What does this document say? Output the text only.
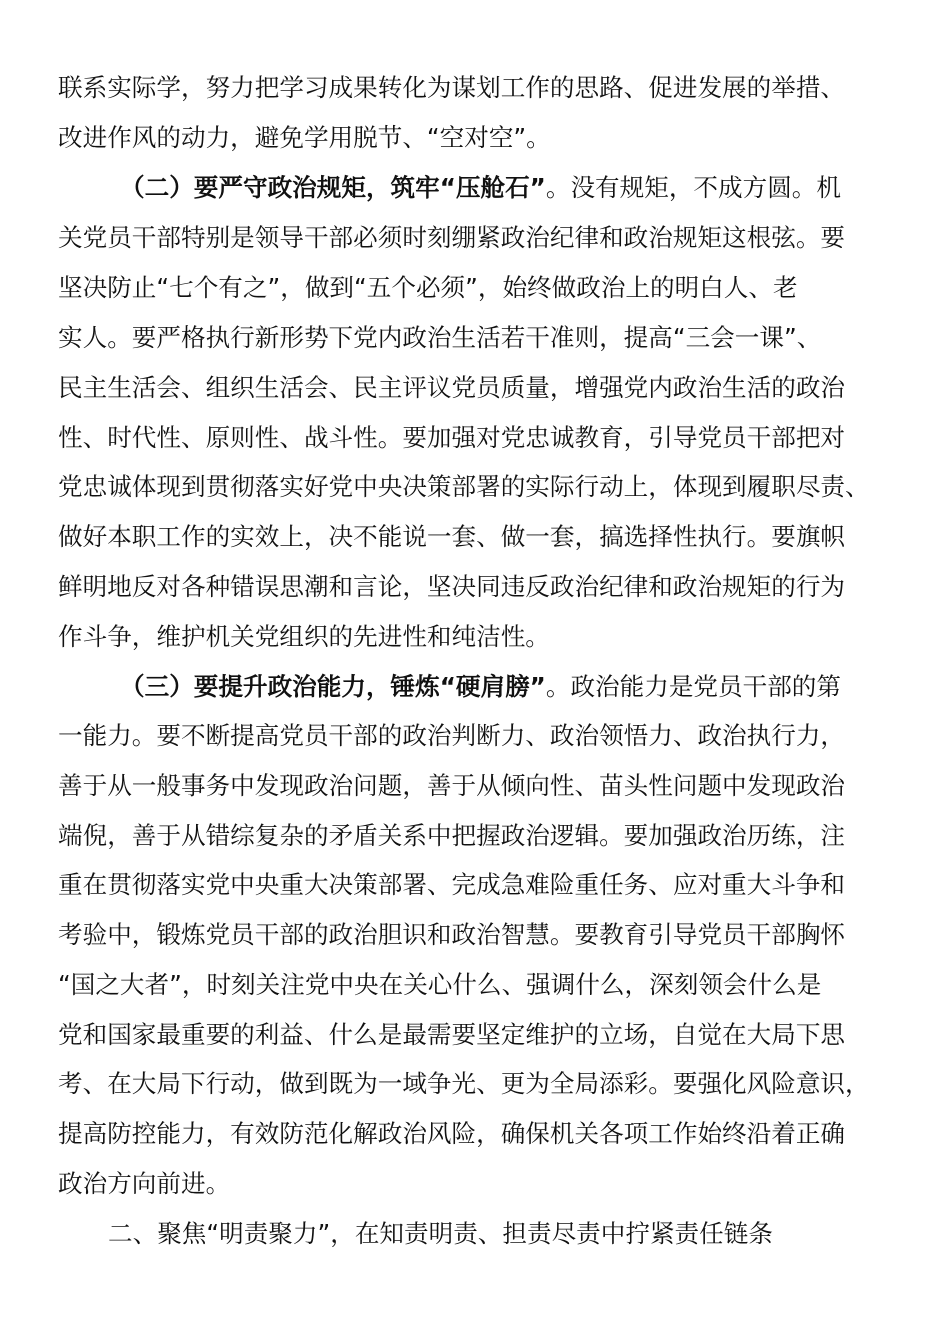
联系实际学，努力把学习成果转化为谋划工作的思路、促进发展的举措、
改进作风的动力，避免学用脱节、“空对空”。
（二）要严守政治规矩，筑牢“压舱石”。没有规矩，不成方圆。机
关党员干部特别是领导干部必须时刻绷紧政治纪律和政治规矩这根弦。要
坚决防止“七个有之”，做到“五个必须”，始终做政治上的明白人、老
实人。要严格执行新形势下党内政治生活若干准则，提高“三会一课”、
民主生活会、组织生活会、民主评议党员质量，增强党内政治生活的政治
性、时代性、原则性、战斗性。要加强对党忠诚教育，引导党员干部把对
党忠诚体现到贯彻落实好党中央决策部署的实际行动上，体现到履职尽责、
做好本职工作的实效上，决不能说一套、做一套，搞选择性执行。要旗帜
鲜明地反对各种错误思潮和言论，坚决同违反政治纪律和政治规矩的行为
作斗争，维护机关党组织的先进性和纯洁性。
（三）要提升政治能力，锤炼“硬肩膀”。政治能力是党员干部的第
一能力。要不断提高党员干部的政治判断力、政治领悟力、政治执行力，
善于从一般事务中发现政治问题，善于从倾向性、苗头性问题中发现政治
端倪，善于从错综复杂的矛盾关系中把握政治逻辑。要加强政治历练，注
重在贯彻落实党中央重大决策部署、完成急难险重任务、应对重大斗争和
考验中，锻炼党员干部的政治胆识和政治智慧。要教育引导党员干部胸怀
“国之大者”，时刻关注党中央在关心什么、强调什么，深刻领会什么是
党和国家最重要的利益、什么是最需要坚定维护的立场，自觉在大局下思
考、在大局下行动，做到既为一域争光、更为全局添彩。要强化风险意识，
提高防控能力，有效防范化解政治风险，确保机关各项工作始终沿着正确
政治方向前进。
二、聚焦“明责聚力”，在知责明责、担责尽责中拧紧责任链条
